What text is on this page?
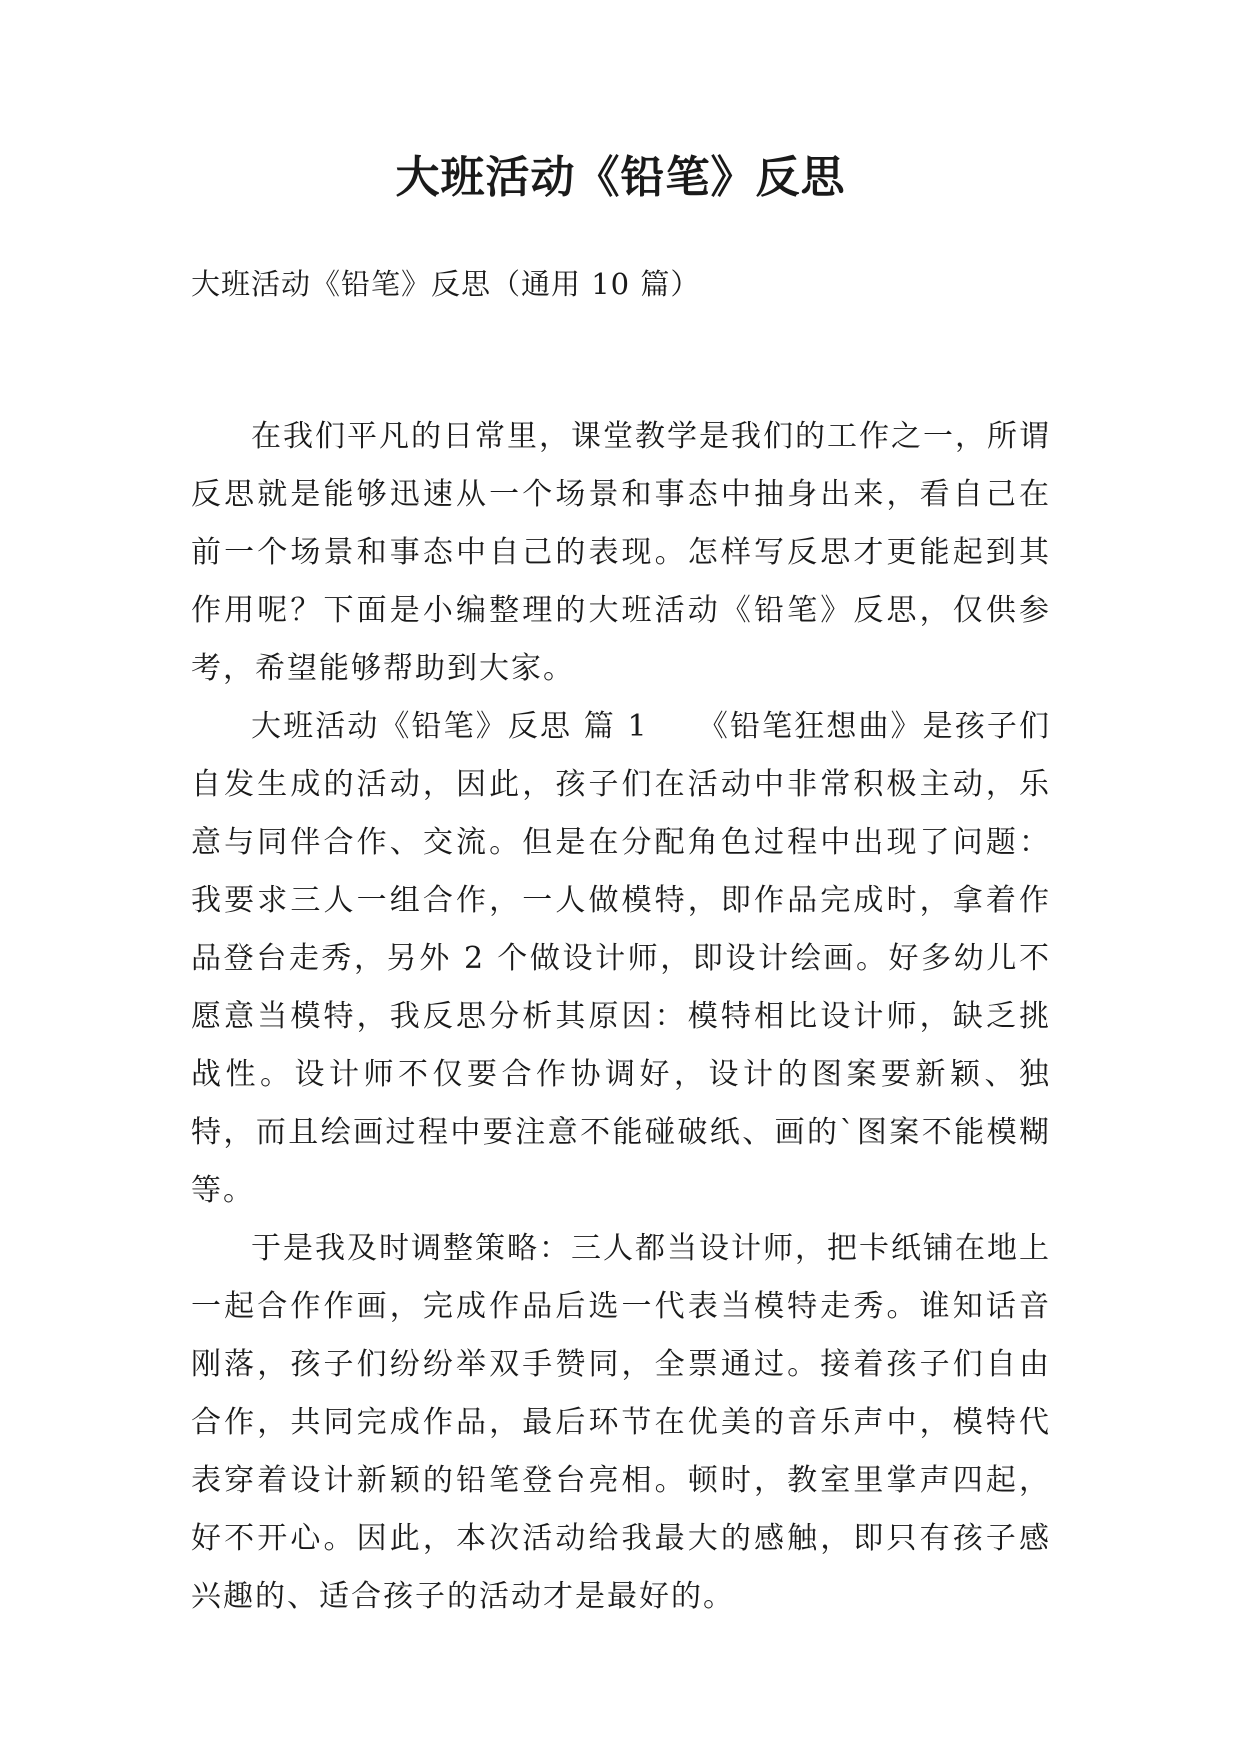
大班活动《铅笔》反思
大班活动《铅笔》反思（通用 10 篇）

在我们平凡的日常里，课堂教学是我们的工作之一，所谓反思就是能够迅速从一个场景和事态中抽身出来，看自己在前一个场景和事态中自己的表现。怎样写反思才更能起到其作用呢？下面是小编整理的大班活动《铅笔》反思，仅供参考，希望能够帮助到大家。

大班活动《铅笔》反思 篇 1　　《铅笔狂想曲》是孩子们自发生成的活动，因此，孩子们在活动中非常积极主动，乐意与同伴合作、交流。但是在分配角色过程中出现了问题：我要求三人一组合作，一人做模特，即作品完成时，拿着作品登台走秀，另外 2 个做设计师，即设计绘画。好多幼儿不愿意当模特，我反思分析其原因：模特相比设计师，缺乏挑战性。设计师不仅要合作协调好，设计的图案要新颖、独特，而且绘画过程中要注意不能碰破纸、画的`图案不能模糊等。

于是我及时调整策略：三人都当设计师，把卡纸铺在地上一起合作作画，完成作品后选一代表当模特走秀。谁知话音刚落，孩子们纷纷举双手赞同，全票通过。接着孩子们自由合作，共同完成作品，最后环节在优美的音乐声中，模特代表穿着设计新颖的铅笔登台亮相。顿时，教室里掌声四起，好不开心。因此，本次活动给我最大的感触，即只有孩子感兴趣的、适合孩子的活动才是最好的。
